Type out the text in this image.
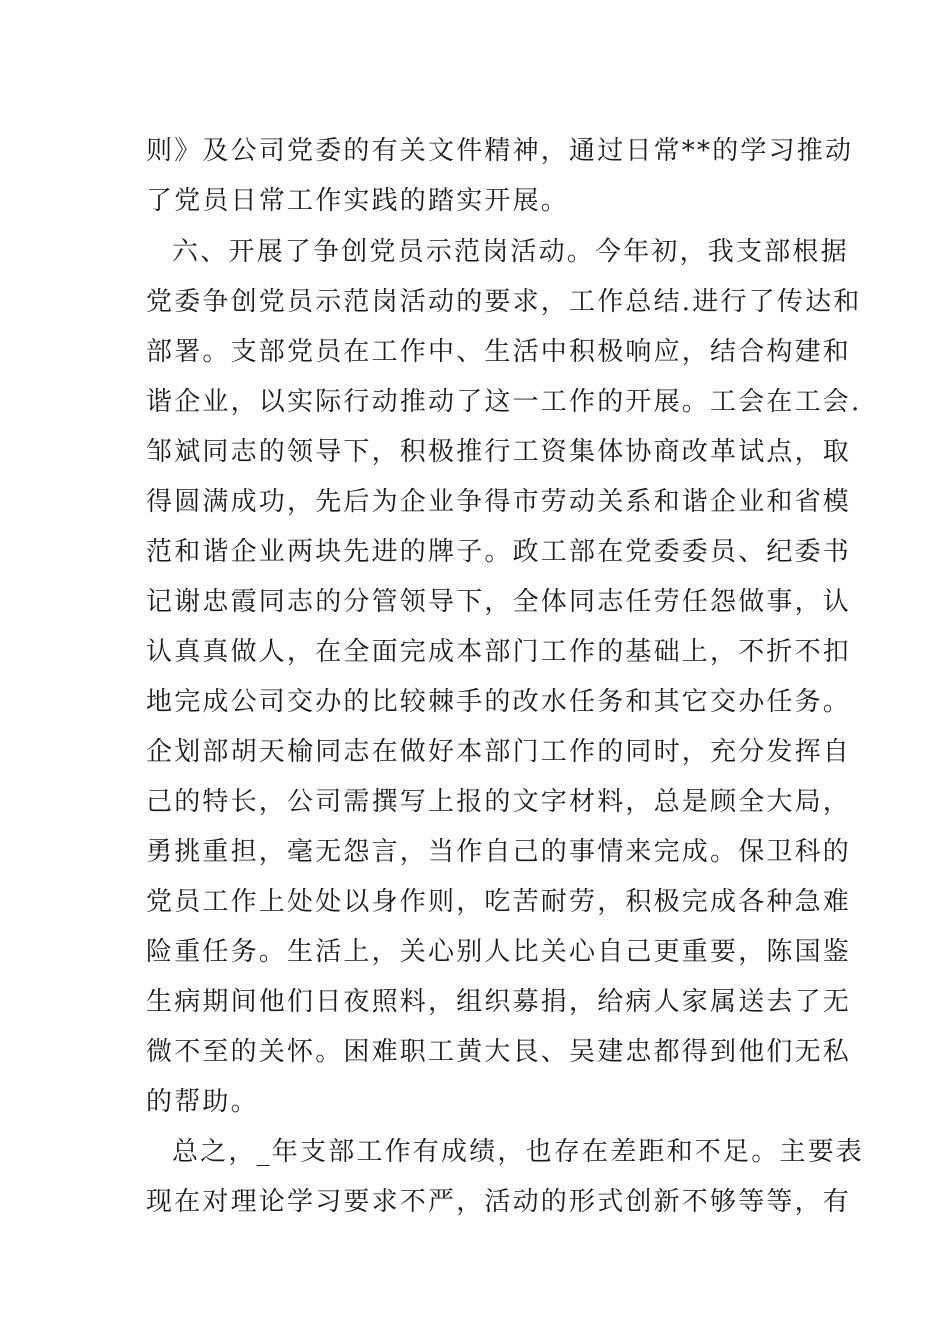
则》及公司党委的有关文件精神，通过日常**的学习推动
了党员日常工作实践的踏实开展。
六、开展了争创党员示范岗活动。今年初，我支部根据
党委争创党员示范岗活动的要求，工作总结.进行了传达和
部署。支部党员在工作中、生活中积极响应，结合构建和
谐企业，以实际行动推动了这一工作的开展。工会在工会.
邹斌同志的领导下，积极推行工资集体协商改革试点，取
得圆满成功，先后为企业争得市劳动关系和谐企业和省模
范和谐企业两块先进的牌子。政工部在党委委员、纪委书
记谢忠霞同志的分管领导下，全体同志任劳任怨做事，认
认真真做人，在全面完成本部门工作的基础上，不折不扣
地完成公司交办的比较棘手的改水任务和其它交办任务。
企划部胡天榆同志在做好本部门工作的同时，充分发挥自
己的特长，公司需撰写上报的文字材料，总是顾全大局，
勇挑重担，毫无怨言，当作自己的事情来完成。保卫科的
党员工作上处处以身作则，吃苦耐劳，积极完成各种急难
险重任务。生活上，关心别人比关心自己更重要，陈国鉴
生病期间他们日夜照料，组织募捐，给病人家属送去了无
微不至的关怀。困难职工黄大艮、吴建忠都得到他们无私
的帮助。
总之，_年支部工作有成绩，也存在差距和不足。主要表
现在对理论学习要求不严，活动的形式创新不够等等，有
